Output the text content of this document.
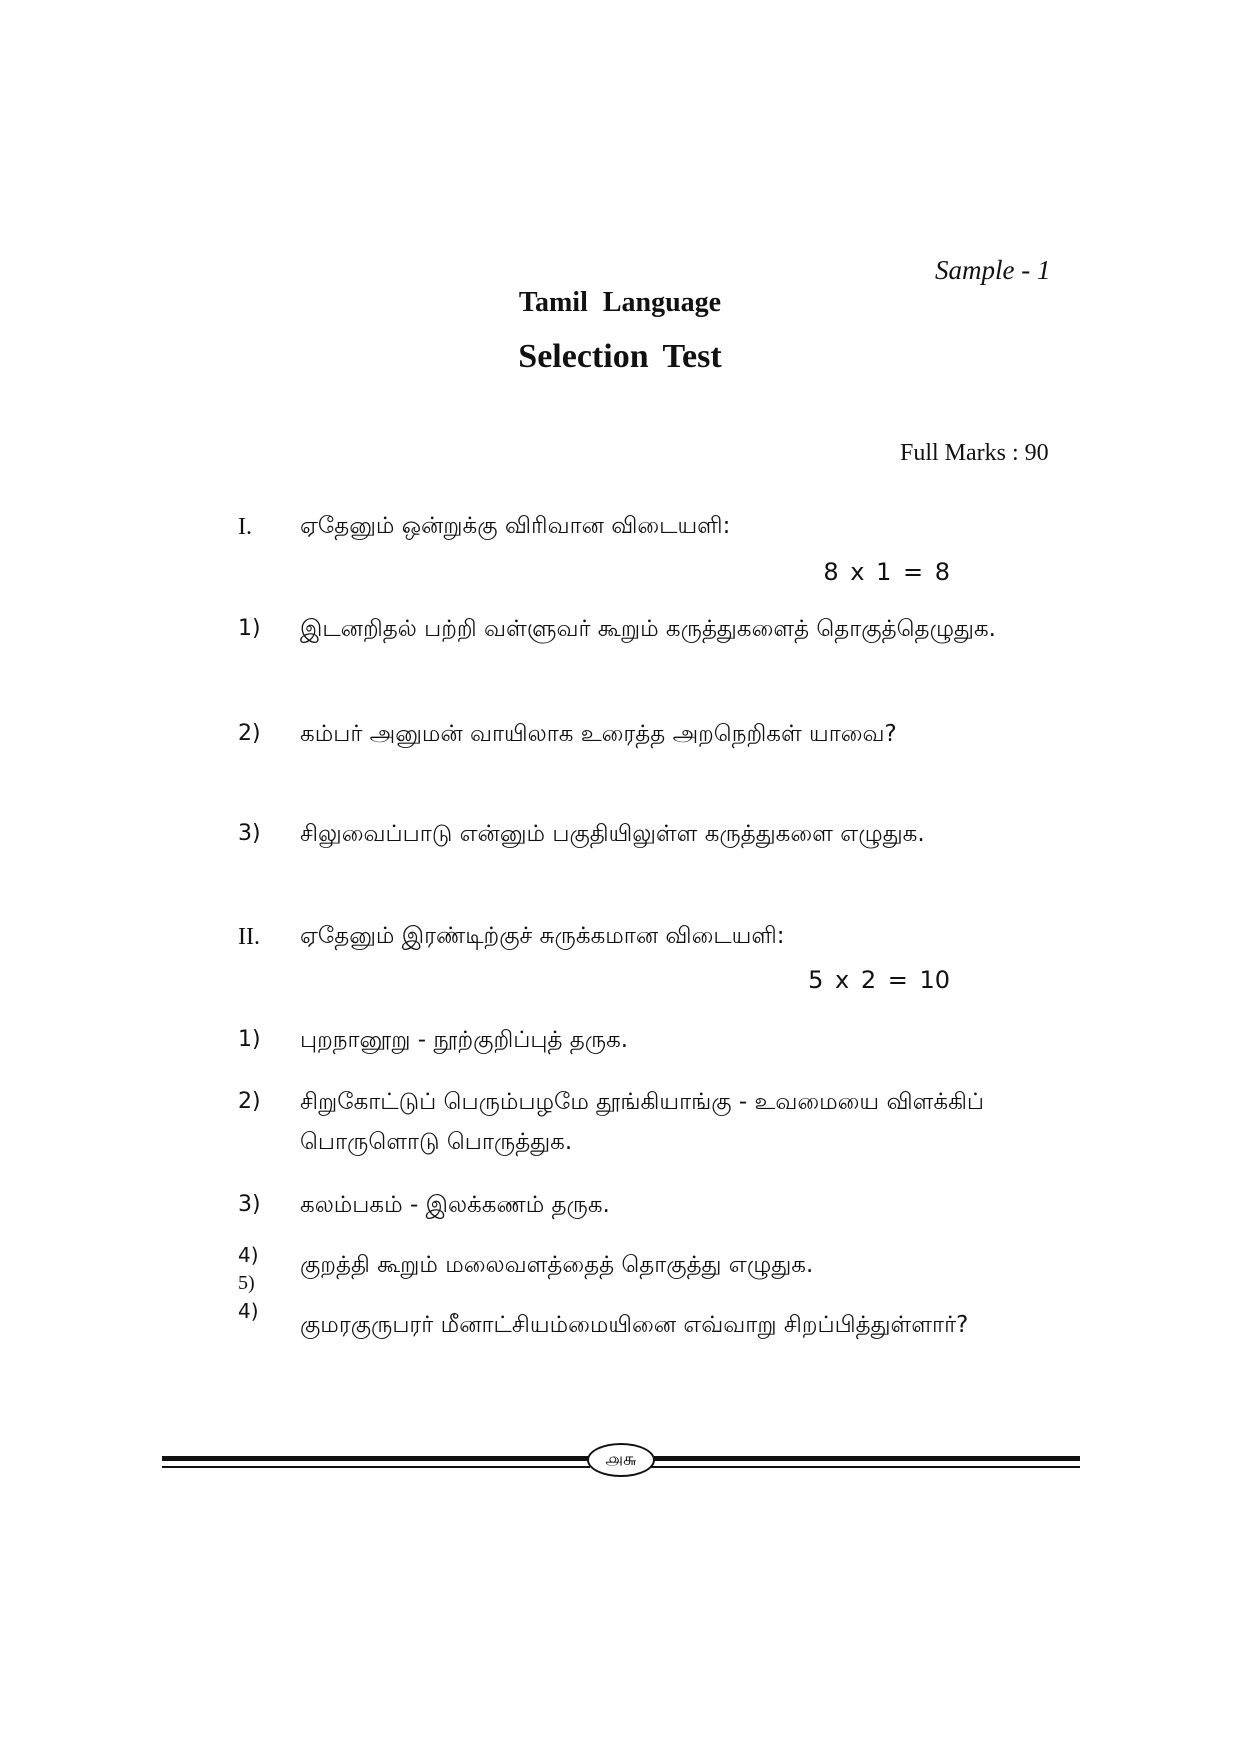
Sample - 1
Tamil Language
Selection Test
Full Marks : 90
I. ஏதேனும் ஒன்றுக்கு விரிவான விடையளி:
8 x 1 = 8
1) இடனறிதல் பற்றி வள்ளுவர் கூறும் கருத்துகளைத் தொகுத்தெழுதுக.
2) கம்பர் அனுமன் வாயிலாக உரைத்த அறநெறிகள் யாவை?
3) சிலுவைப்பாடு என்னும் பகுதியிலுள்ள கருத்துகளை எழுதுக.
II. ஏதேனும் இரண்டிற்குச் சுருக்கமான விடையளி:
5 x 2 = 10
1) புறநானூறு - நூற்குறிப்புத் தருக.
2) சிறுகோட்டுப் பெரும்பழமே தூங்கியாங்கு - உவமையை விளக்கிப் பொருளொடு பொருத்துக.
3) கலம்பகம் - இலக்கணம் தருக.
4) குறத்தி கூறும் மலைவளத்தைத் தொகுத்து எழுதுக.
5)
4)
குமரகுருபரர் மீனாட்சியம்மையினை எவ்வாறு சிறப்பித்துள்ளார்?
௮௬
